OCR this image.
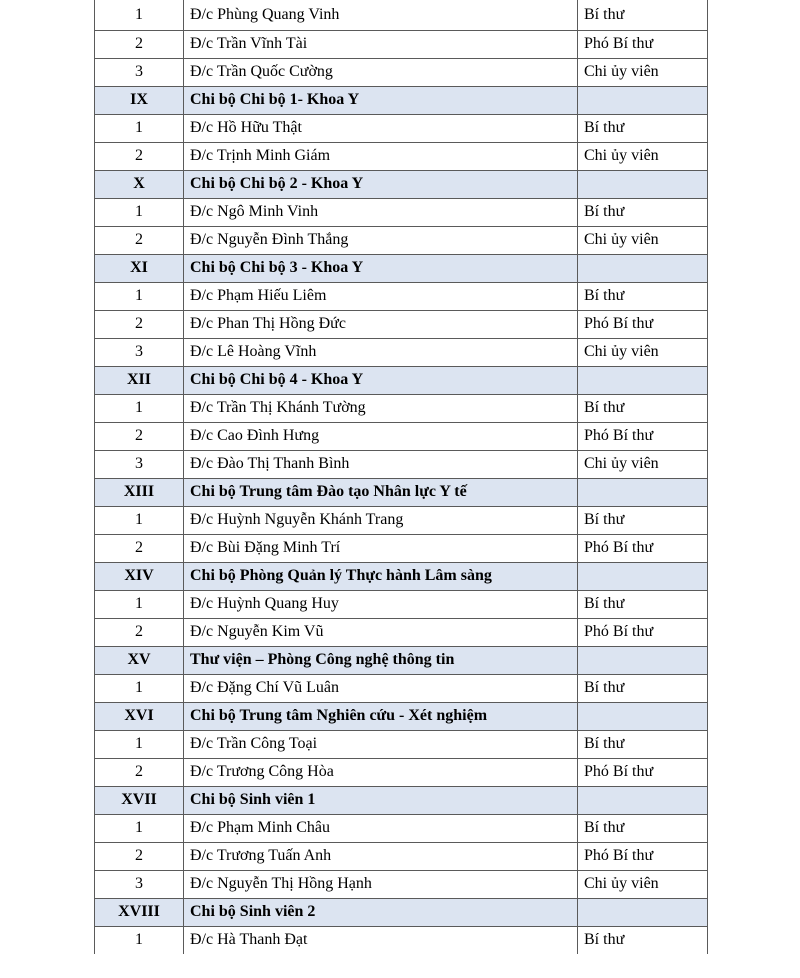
1	Đ/c Phùng Quang Vinh	Bí thư
2	Đ/c Trần Vĩnh Tài	Phó Bí thư
3	Đ/c Trần Quốc Cường	Chi ủy viên
IX	Chi bộ Chi bộ 1- Khoa Y	
1	Đ/c Hồ Hữu Thật	Bí thư
2	Đ/c Trịnh Minh Giám	Chi ủy viên
X	Chi bộ Chi bộ 2 - Khoa Y	
1	Đ/c Ngô Minh Vinh	Bí thư
2	Đ/c Nguyễn Đình Thắng	Chi ủy viên
XI	Chi bộ Chi bộ 3 - Khoa Y	
1	Đ/c Phạm Hiếu Liêm	Bí thư
2	Đ/c Phan Thị Hồng Đức	Phó Bí thư
3	Đ/c Lê Hoàng Vĩnh	Chi ủy viên
XII	Chi bộ Chi bộ 4 - Khoa Y	
1	Đ/c Trần Thị Khánh Tường	Bí thư
2	Đ/c Cao Đình Hưng	Phó Bí thư
3	Đ/c Đào Thị Thanh Bình	Chi ủy viên
XIII	Chi bộ Trung tâm Đào tạo Nhân lực Y tế	
1	Đ/c Huỳnh Nguyễn Khánh Trang	Bí thư
2	Đ/c Bùi Đặng Minh Trí	Phó Bí thư
XIV	Chi bộ Phòng Quản lý Thực hành Lâm sàng	
1	Đ/c Huỳnh Quang Huy	Bí thư
2	Đ/c Nguyễn Kim Vũ	Phó Bí thư
XV	Thư viện – Phòng Công nghệ thông tin	
1	Đ/c Đặng Chí Vũ Luân	Bí thư
XVI	Chi bộ Trung tâm Nghiên cứu - Xét nghiệm	
1	Đ/c Trần Công Toại	Bí thư
2	Đ/c Trương Công Hòa	Phó Bí thư
XVII	Chi bộ Sinh viên 1	
1	Đ/c Phạm Minh Châu	Bí thư
2	Đ/c Trương Tuấn Anh	Phó Bí thư
3	Đ/c Nguyễn Thị Hồng Hạnh	Chi ủy viên
XVIII	Chi bộ Sinh viên 2	
1	Đ/c Hà Thanh Đạt	Bí thư
